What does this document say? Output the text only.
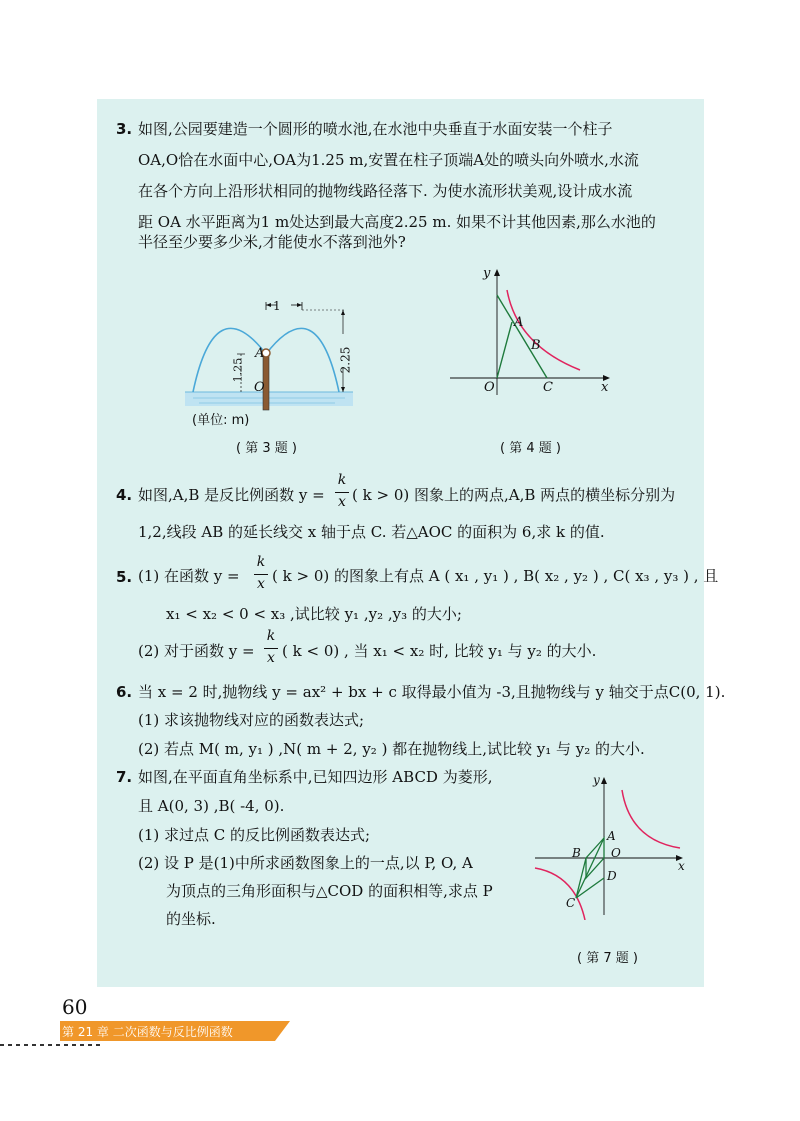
3. 如图,公园要建造一个圆形的喷水池,在水池中央垂直于水面安装一个柱子
OA,O恰在水面中心,OA为1.25 m,安置在柱子顶端A处的喷头向外喷水,水流
在各个方向上沿形状相同的抛物线路径落下. 为使水流形状美观,设计成水流
距 OA 水平距离为1 m处达到最大高度2.25 m. 如果不计其他因素,那么水池的
半径至少要多少米,才能使水不落到池外?
1
1.25	2.25
A
O
(单位: m)
( 第 3 题 )
y
x
O
A
B
C
( 第 4 题 )
4. 如图,A,B 是反比例函数 y =
k
x ( k > 0) 图象上的两点,A,B 两点的横坐标分别为
1,2,线段 AB 的延长线交 x 轴于点 C. 若△AOC 的面积为 6,求 k 的值.
5. (1) 在函数 y =
k
x ( k > 0) 的图象上有点 A ( x₁ , y₁ ) , B( x₂ , y₂ ) , C( x₃ , y₃ ) , 且
x₁ < x₂ < 0 < x₃ ,试比较 y₁ ,y₂ ,y₃ 的大小;
(2) 对于函数 y =
k
x ( k < 0) , 当 x₁ < x₂ 时, 比较 y₁ 与 y₂ 的大小.
6. 当 x = 2 时,抛物线 y = ax² + bx + c 取得最小值为 -3,且抛物线与 y 轴交于点C(0, 1).
(1) 求该抛物线对应的函数表达式;
(2) 若点 M( m, y₁ ) ,N( m + 2, y₂ ) 都在抛物线上,试比较 y₁ 与 y₂ 的大小.
7. 如图,在平面直角坐标系中,已知四边形 ABCD 为菱形,
且 A(0, 3) ,B( -4, 0).
(1) 求过点 C 的反比例函数表达式;
(2) 设 P 是(1)中所求函数图象上的一点,以 P, O, A
为顶点的三角形面积与△COD 的面积相等,求点 P
的坐标.
y
x
A
B	O
D
C
( 第 7 题 )
60
第 21 章 二次函数与反比例函数
